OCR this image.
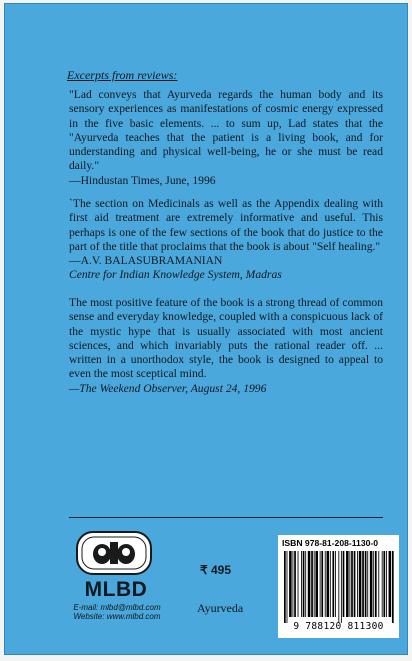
Excerpts from reviews:

"Lad conveys that Ayurveda regards the human body and its sensory experiences as manifestations of cosmic energy expressed in the five basic elements. ... to sum up, Lad states that the "Ayurveda teaches that the patient is a living book, and for understanding and physical well-being, he or she must be read daily."

—Hindustan Times, June, 1996

`The section on Medicinals as well as the Appendix dealing with first aid treatment are extremely informative and useful. This perhaps is one of the few sections of the book that do justice to the part of the title that proclaims that the book is about "Self healing."

—A.V. BALASUBRAMANIAN

Centre for Indian Knowledge System, Madras

The most positive feature of the book is a strong thread of common sense and everyday knowledge, coupled with a conspicuous lack of the mystic hype that is usually associated with most ancient sciences, and which invariably puts the rational reader off. ... written in a unorthodox style, the book is designed to appeal to even the most sceptical mind.

—The Weekend Observer, August 24, 1996

MLBD
E-mail: mlbd@mlbd.com
Website: www.mlbd.com
₹ 495
Ayurveda
ISBN 978-81-208-1130-0
9 788120 811300
